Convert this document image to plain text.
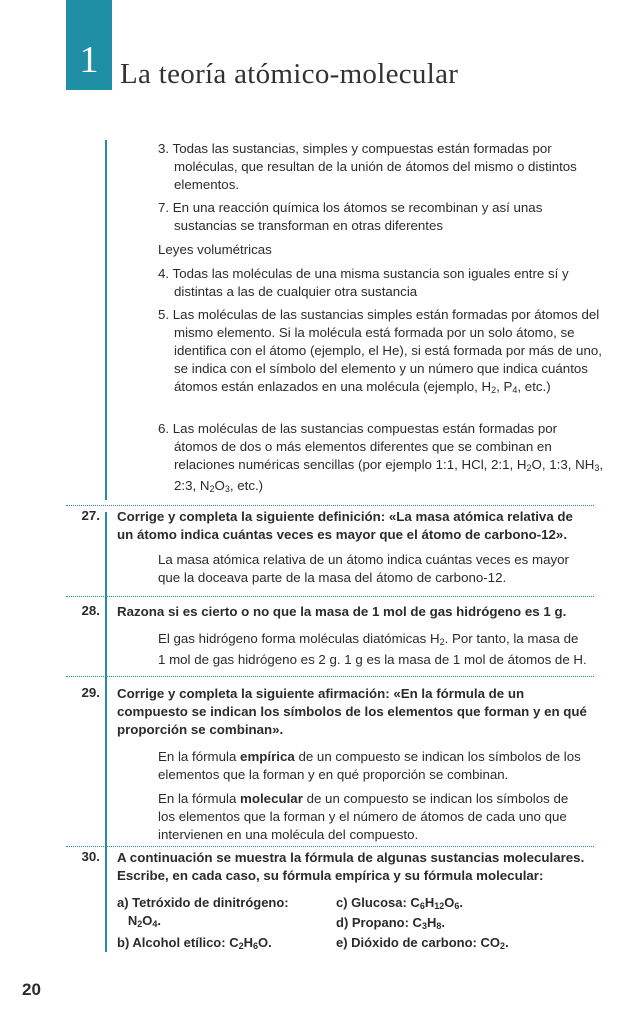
1 La teoría atómico-molecular
3. Todas las sustancias, simples y compuestas están formadas por moléculas, que resultan de la unión de átomos del mismo o distintos elementos.
7. En una reacción química los átomos se recombinan y así unas sustancias se transforman en otras diferentes
Leyes volumétricas
4. Todas las moléculas de una misma sustancia son iguales entre sí y distintas a las de cualquier otra sustancia
5. Las moléculas de las sustancias simples están formadas por átomos del mismo elemento. Si la molécula está formada por un solo átomo, se identifica con el átomo (ejemplo, el He), si está formada por más de uno, se indica con el símbolo del elemento y un número que indica cuántos átomos están enlazados en una molécula (ejemplo, $H_2$, $P_4$, etc.)
6. Las moléculas de las sustancias compuestas están formadas por átomos de dos o más elementos diferentes que se combinan en relaciones numéricas sencillas (por ejemplo 1:1, HCl, 2:1, $H_2O$, 1:3, $NH_3$, 2:3, $N_2O_3$, etc.)
27. Corrige y completa la siguiente definición: «La masa atómica relativa de un átomo indica cuántas veces es mayor que el átomo de carbono-12».
La masa atómica relativa de un átomo indica cuántas veces es mayor que la doceava parte de la masa del átomo de carbono-12.
28. Razona si es cierto o no que la masa de 1 mol de gas hidrógeno es 1 g.
El gas hidrógeno forma moléculas diatómicas $H_2$. Por tanto, la masa de 1 mol de gas hidrógeno es 2 g. 1 g es la masa de 1 mol de átomos de H.
29. Corrige y completa la siguiente afirmación: «En la fórmula de un compuesto se indican los símbolos de los elementos que forman y en qué proporción se combinan».
En la fórmula empírica de un compuesto se indican los símbolos de los elementos que la forman y en qué proporción se combinan.
En la fórmula molecular de un compuesto se indican los símbolos de los elementos que la forman y el número de átomos de cada uno que intervienen en una molécula del compuesto.
30. A continuación se muestra la fórmula de algunas sustancias moleculares. Escribe, en cada caso, su fórmula empírica y su fórmula molecular:
a) Tetróxido de dinitrógeno:
$N_2O_4$.
b) Alcohol etílico: $C_2H_6O$.
c) Glucosa: $C_6H_{12}O_6$.
d) Propano: $C_3H_8$.
e) Dióxido de carbono: $CO_2$.
20
